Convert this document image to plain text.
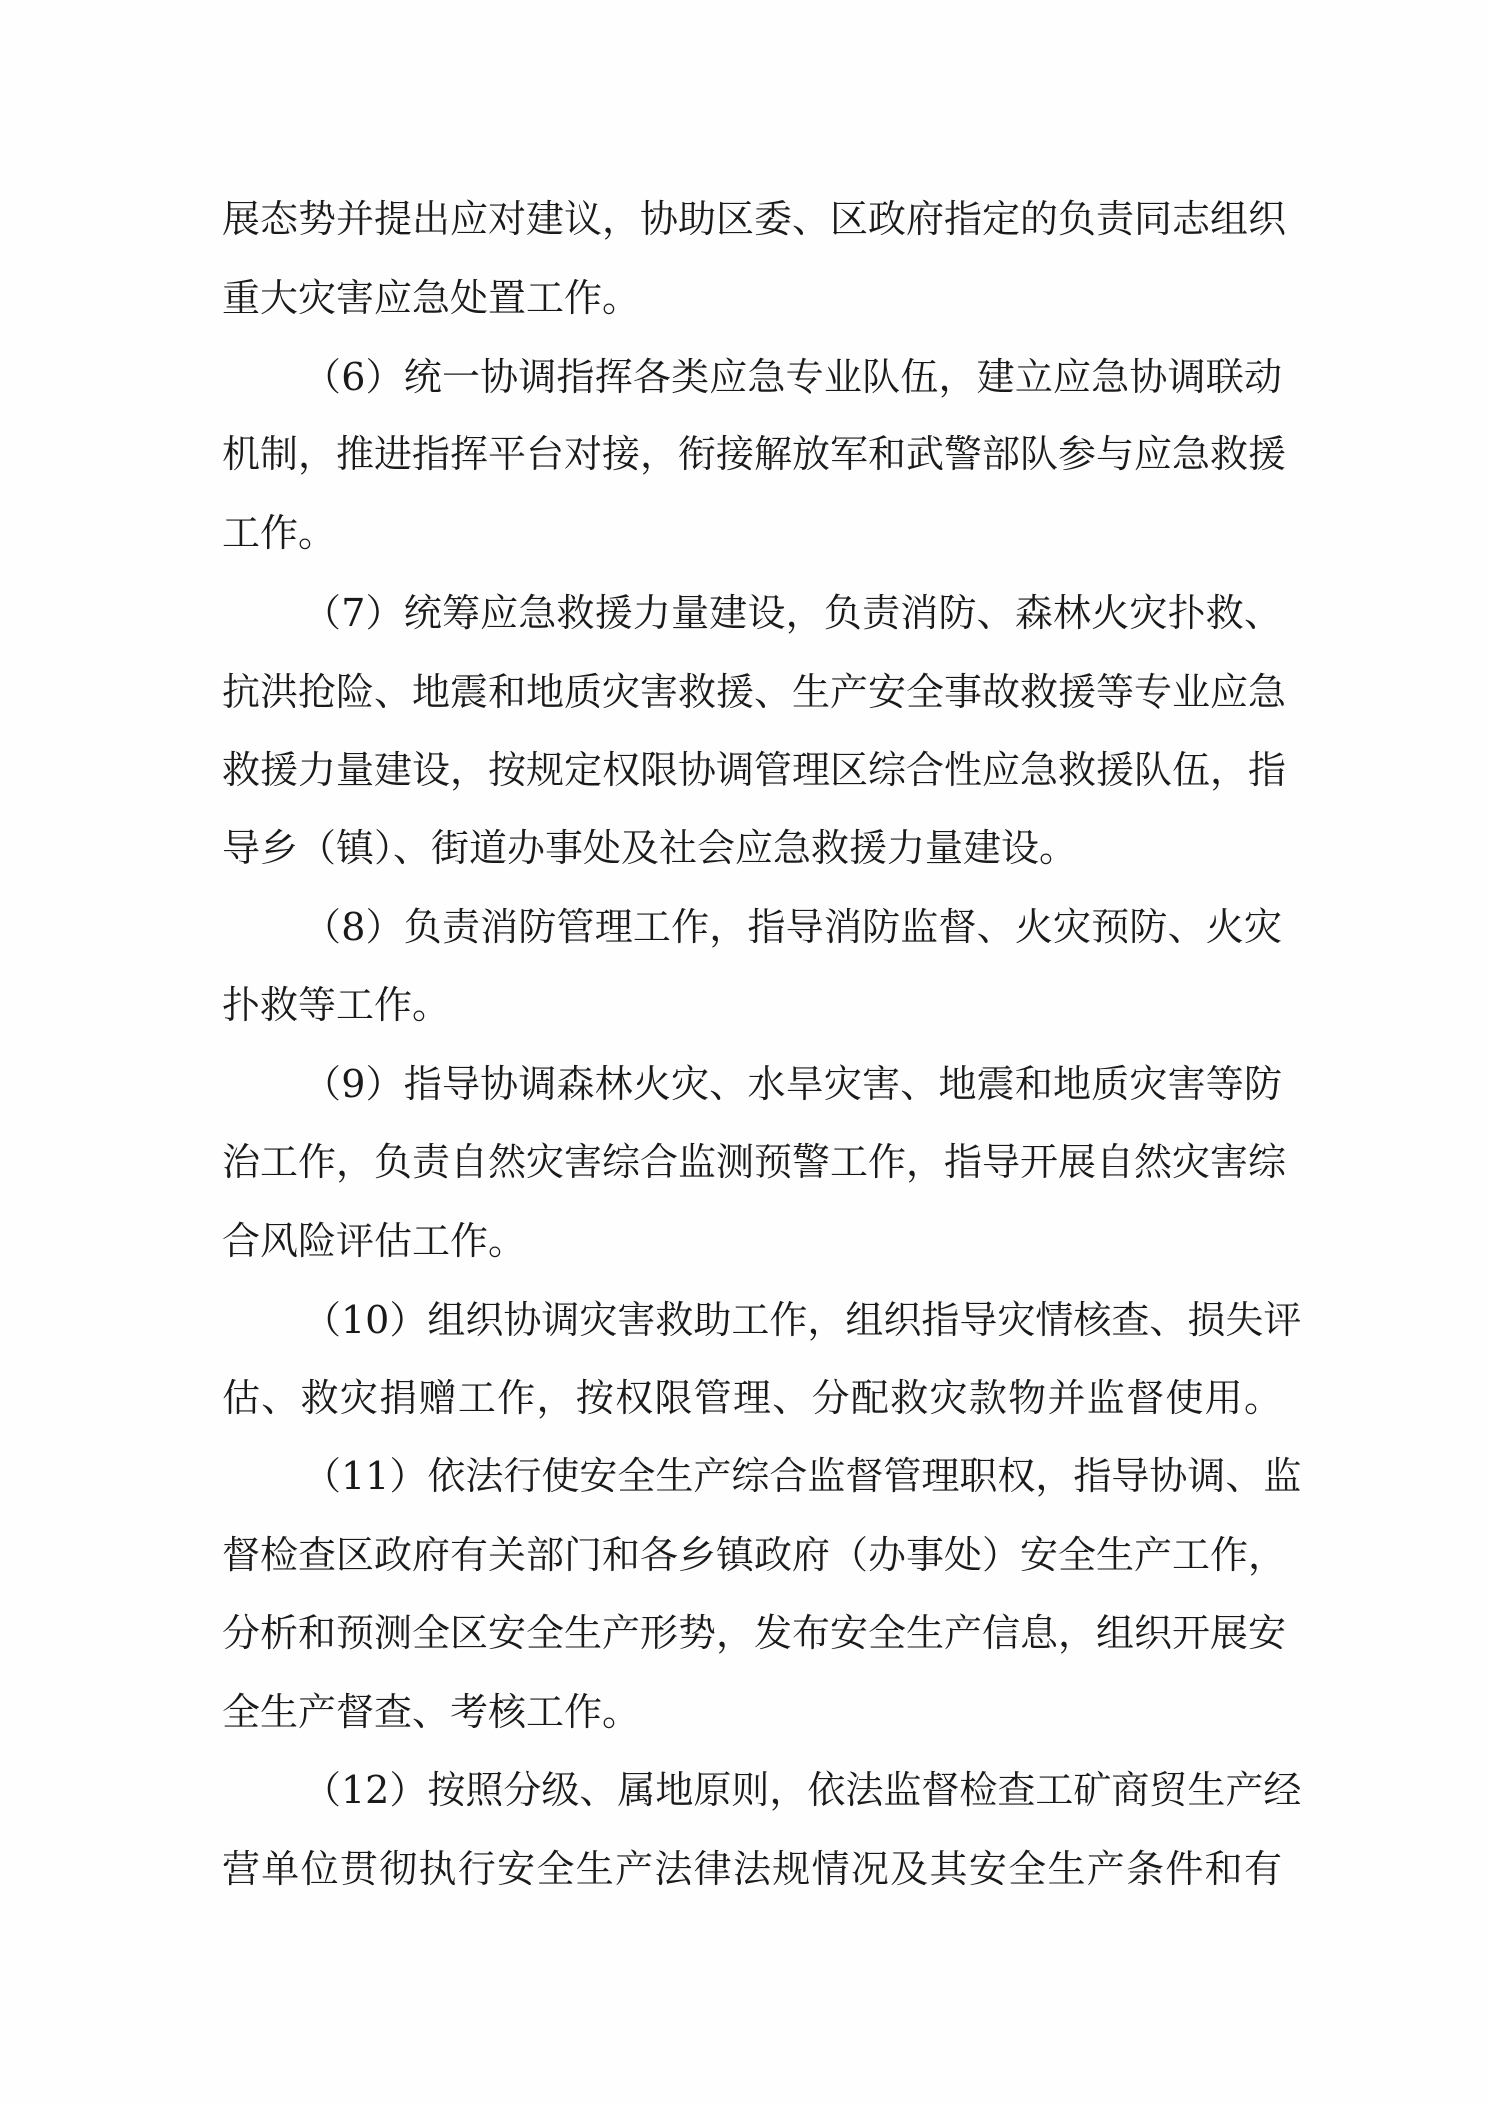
展态势并提出应对建议，协助区委、区政府指定的负责同志组织
重大灾害应急处置工作。
（6）统一协调指挥各类应急专业队伍，建立应急协调联动
机制，推进指挥平台对接，衔接解放军和武警部队参与应急救援
工作。
（7）统筹应急救援力量建设，负责消防、森林火灾扑救、
抗洪抢险、地震和地质灾害救援、生产安全事故救援等专业应急
救援力量建设，按规定权限协调管理区综合性应急救援队伍，指
导乡（镇）、街道办事处及社会应急救援力量建设。
（8）负责消防管理工作，指导消防监督、火灾预防、火灾
扑救等工作。
（9）指导协调森林火灾、水旱灾害、地震和地质灾害等防
治工作，负责自然灾害综合监测预警工作，指导开展自然灾害综
合风险评估工作。
（10）组织协调灾害救助工作，组织指导灾情核查、损失评
估、救灾捐赠工作，按权限管理、分配救灾款物并监督使用。
（11）依法行使安全生产综合监督管理职权，指导协调、监
督检查区政府有关部门和各乡镇政府（办事处）安全生产工作，
分析和预测全区安全生产形势，发布安全生产信息，组织开展安
全生产督查、考核工作。
（12）按照分级、属地原则，依法监督检查工矿商贸生产经
营单位贯彻执行安全生产法律法规情况及其安全生产条件和有
